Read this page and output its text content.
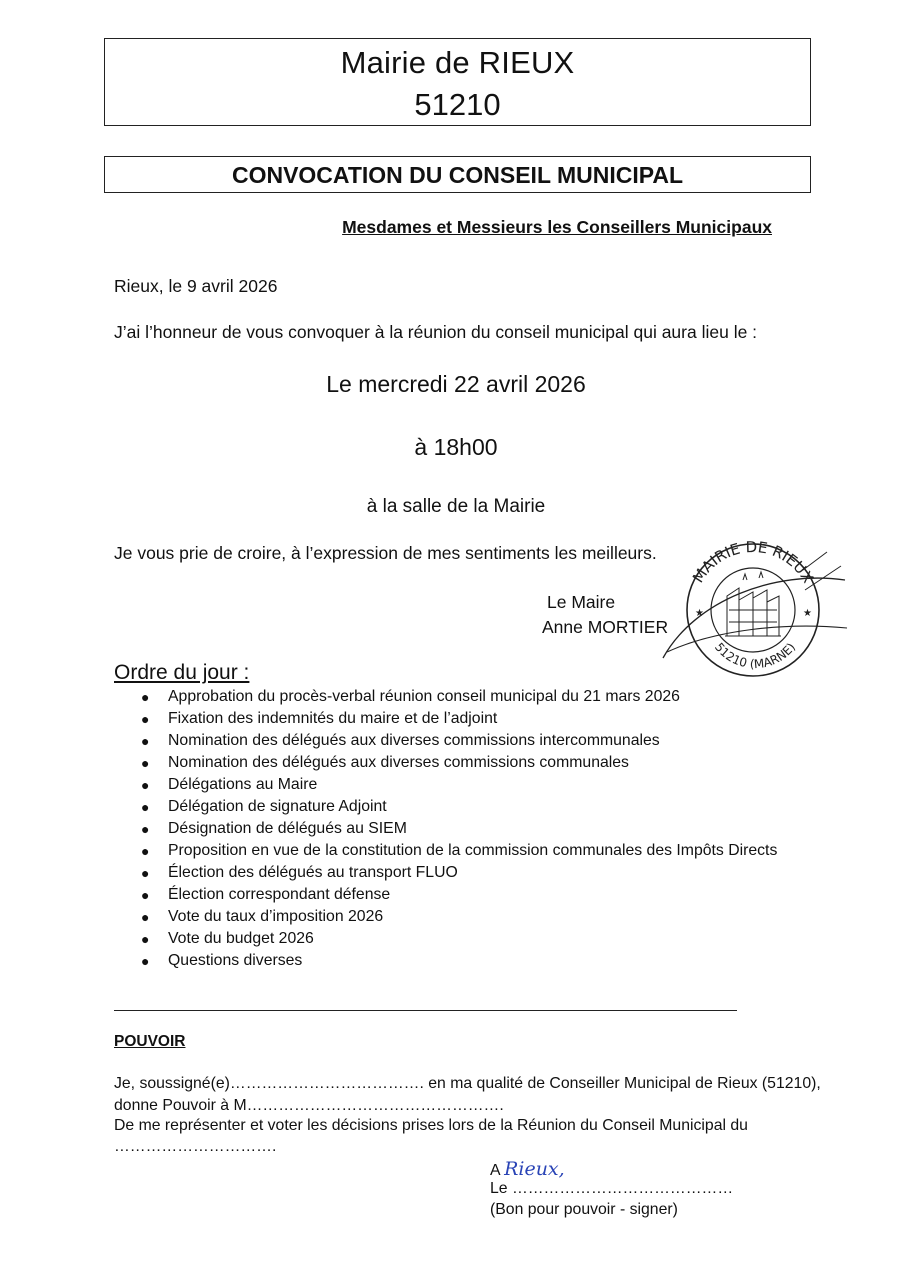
Mairie de RIEUX
51210
CONVOCATION DU CONSEIL MUNICIPAL
Mesdames et Messieurs les Conseillers Municipaux
Rieux, le 9 avril 2026
J’ai l’honneur de vous convoquer à la réunion du conseil municipal qui aura lieu le :
Le mercredi 22 avril 2026
à 18h00
à la salle de la Mairie
Je vous prie de croire, à l’expression de mes sentiments les meilleurs.
Le Maire
Anne MORTIER
MAIRIE DE RIEUX
51210 (MARNE)
★	★
Ordre du jour :
● Approbation du procès-verbal réunion conseil municipal du 21 mars 2026
● Fixation des indemnités du maire et de l’adjoint
● Nomination des délégués aux diverses commissions intercommunales
● Nomination des délégués aux diverses commissions communales
● Délégations au Maire
● Délégation de signature Adjoint
● Désignation de délégués au SIEM
● Proposition en vue de la constitution de la commission communales des Impôts Directs
● Élection des délégués au transport FLUO
● Élection correspondant défense
● Vote du taux d’imposition 2026
● Vote du budget 2026
● Questions diverses
POUVOIR
Je, soussigné(e)………………………………. en ma qualité de Conseiller Municipal de Rieux (51210),
donne Pouvoir à M………………………………………….
De me représenter et voter les décisions prises lors de la Réunion du Conseil Municipal du
………………………….
A Rieux,
Le ……………………………………
(Bon pour pouvoir - signer)
